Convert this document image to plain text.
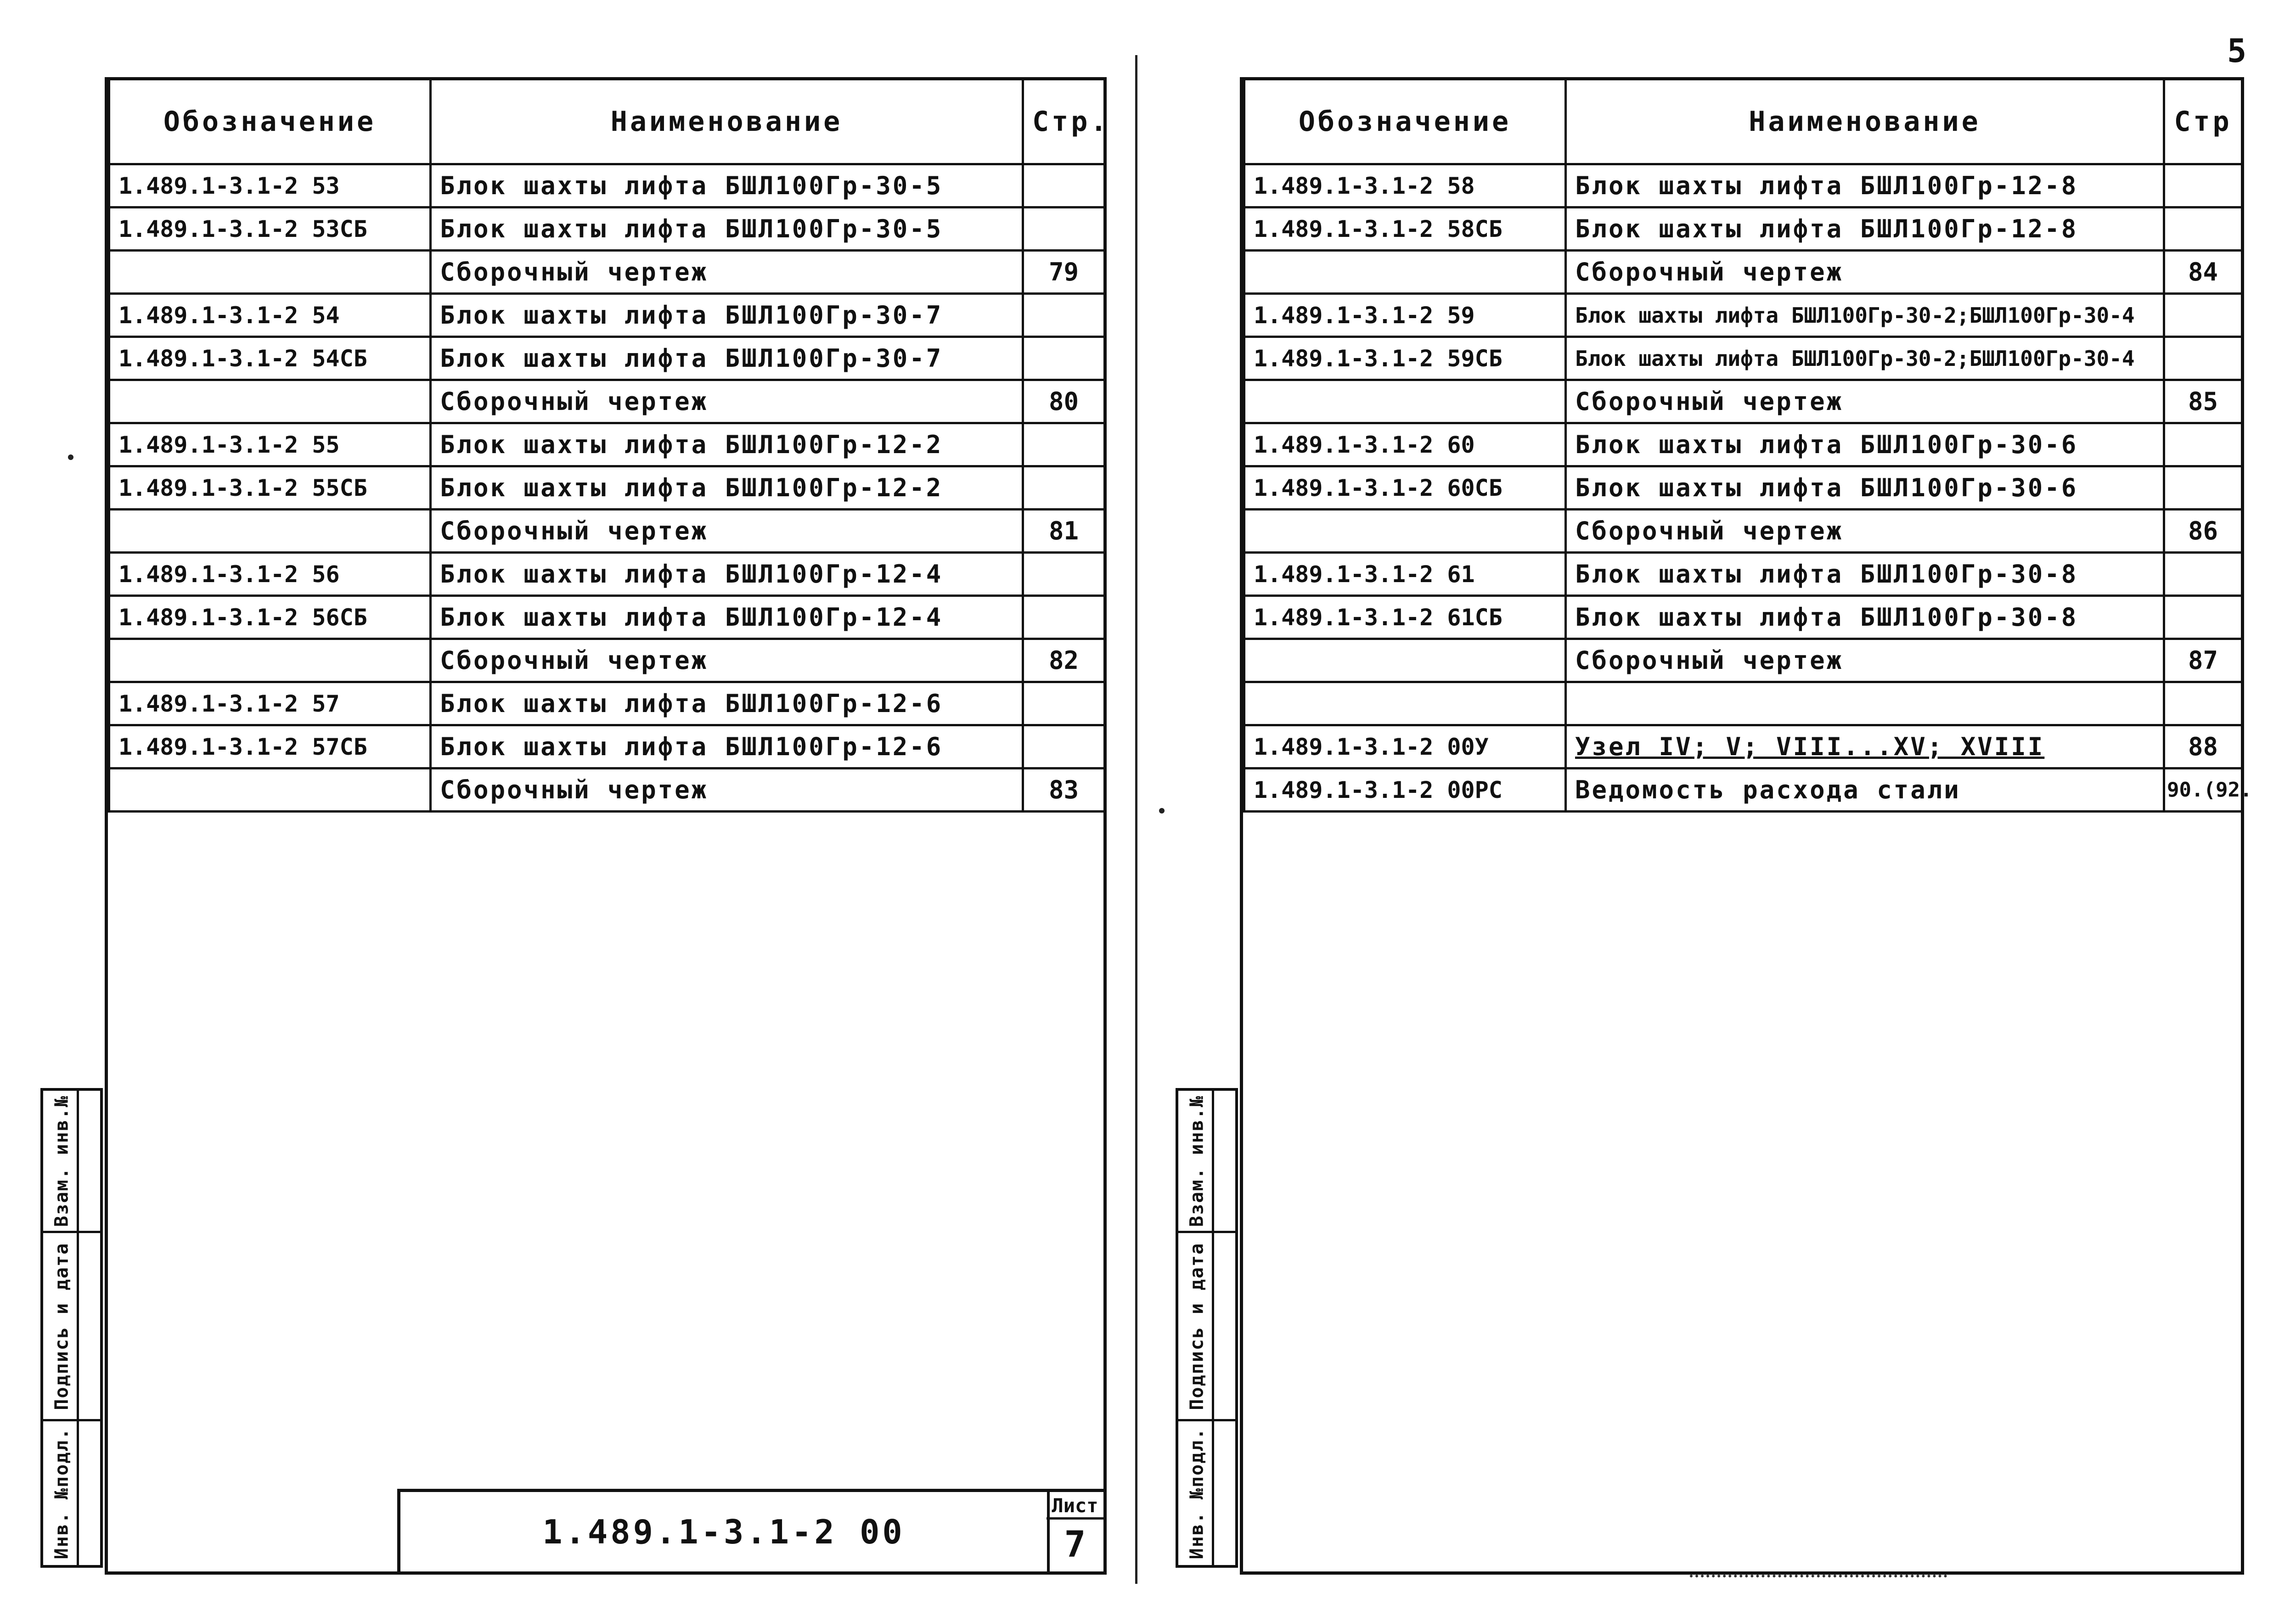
5
Обозначение	Наименование	Стр.
1.489.1-3.1-2 53	Блок шахты лифта БШЛ100Гр-30-5	
1.489.1-3.1-2 53СБ	Блок шахты лифта БШЛ100Гр-30-5	
	Сборочный чертеж	79
1.489.1-3.1-2 54	Блок шахты лифта БШЛ100Гр-30-7	
1.489.1-3.1-2 54СБ	Блок шахты лифта БШЛ100Гр-30-7	
	Сборочный чертеж	80
1.489.1-3.1-2 55	Блок шахты лифта БШЛ100Гр-12-2	
1.489.1-3.1-2 55СБ	Блок шахты лифта БШЛ100Гр-12-2	
	Сборочный чертеж	81
1.489.1-3.1-2 56	Блок шахты лифта БШЛ100Гр-12-4	
1.489.1-3.1-2 56СБ	Блок шахты лифта БШЛ100Гр-12-4	
	Сборочный чертеж	82
1.489.1-3.1-2 57	Блок шахты лифта БШЛ100Гр-12-6	
1.489.1-3.1-2 57СБ	Блок шахты лифта БШЛ100Гр-12-6	
	Сборочный чертеж	83
1.489.1-3.1-2 00
Лист
7
Взам. инв.№
Подпись и дата
Инв. №подл.
Обозначение	Наименование	Стр
1.489.1-3.1-2 58	Блок шахты лифта БШЛ100Гр-12-8	
1.489.1-3.1-2 58СБ	Блок шахты лифта БШЛ100Гр-12-8	
	Сборочный чертеж	84
1.489.1-3.1-2 59	Блок шахты лифта БШЛ100Гр-30-2;БШЛ100Гр-30-4	
1.489.1-3.1-2 59СБ	Блок шахты лифта БШЛ100Гр-30-2;БШЛ100Гр-30-4	
	Сборочный чертеж	85
1.489.1-3.1-2 60	Блок шахты лифта БШЛ100Гр-30-6	
1.489.1-3.1-2 60СБ	Блок шахты лифта БШЛ100Гр-30-6	
	Сборочный чертеж	86
1.489.1-3.1-2 61	Блок шахты лифта БШЛ100Гр-30-8	
1.489.1-3.1-2 61СБ	Блок шахты лифта БШЛ100Гр-30-8	
	Сборочный чертеж	87

1.489.1-3.1-2 00У	Узел IV; V; VIII...XV; XVIII	88
1.489.1-3.1-2 00РС	Ведомость расхода стали	90.(92.
Взам. инв.№
Подпись и дата
Инв. №подл.
